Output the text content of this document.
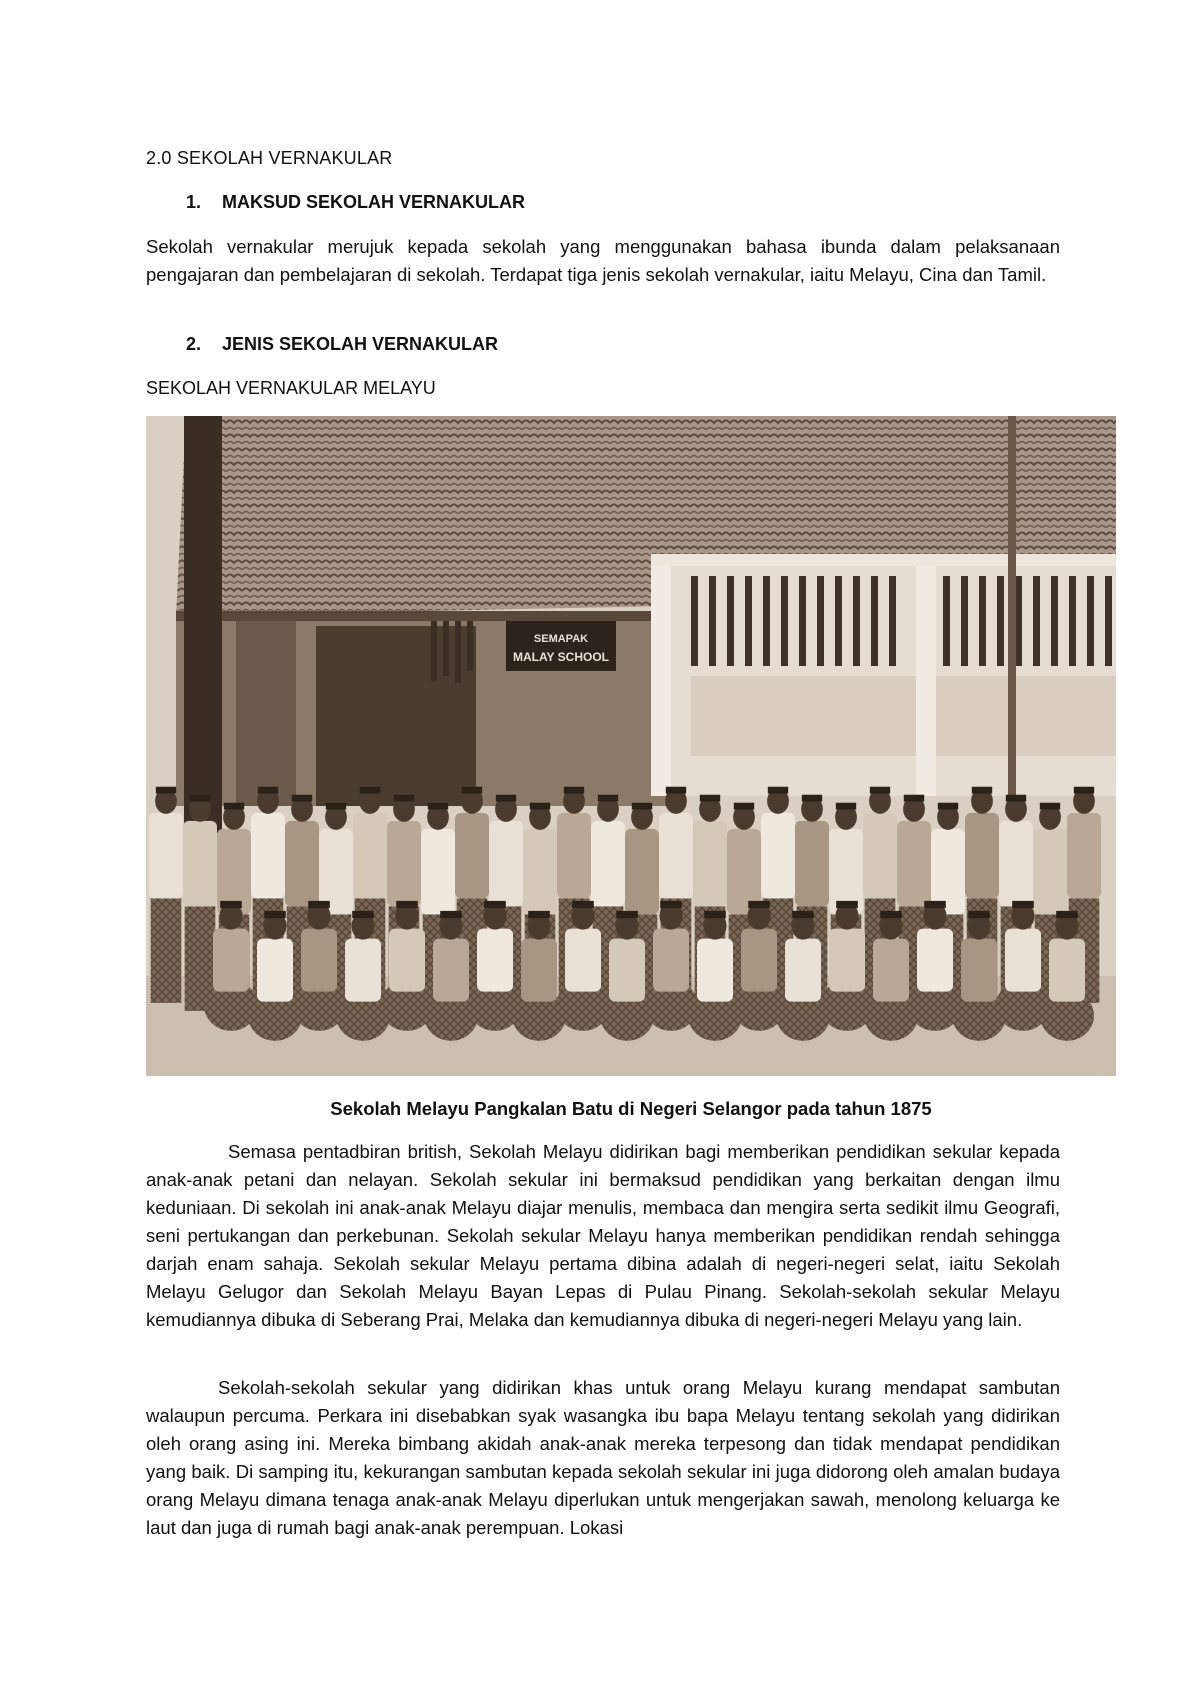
2.0 SEKOLAH VERNAKULAR
1. MAKSUD SEKOLAH VERNAKULAR

Sekolah vernakular merujuk kepada sekolah yang menggunakan bahasa ibunda dalam pelaksanaan pengajaran dan pembelajaran di sekolah. Terdapat tiga jenis sekolah vernakular, iaitu Melayu, Cina dan Tamil.

2. JENIS SEKOLAH VERNAKULAR
SEKOLAH VERNAKULAR MELAYU
SEMAPAK
MALAY SCHOOL

Sekolah Melayu Pangkalan Batu di Negeri Selangor pada tahun 1875

Semasa pentadbiran british, Sekolah Melayu didirikan bagi memberikan pendidikan sekular kepada anak-anak petani dan nelayan. Sekolah sekular ini bermaksud pendidikan yang berkaitan dengan ilmu keduniaan. Di sekolah ini anak-anak Melayu diajar menulis, membaca dan mengira serta sedikit ilmu Geografi, seni pertukangan dan perkebunan. Sekolah sekular Melayu hanya memberikan pendidikan rendah sehingga darjah enam sahaja. Sekolah sekular Melayu pertama dibina adalah di negeri-negeri selat, iaitu Sekolah Melayu Gelugor dan Sekolah Melayu Bayan Lepas di Pulau Pinang. Sekolah-sekolah sekular Melayu kemudiannya dibuka di Seberang Prai, Melaka dan kemudiannya dibuka di negeri-negeri Melayu yang lain.

Sekolah-sekolah sekular yang didirikan khas untuk orang Melayu kurang mendapat sambutan walaupun percuma. Perkara ini disebabkan syak wasangka ibu bapa Melayu tentang sekolah yang didirikan oleh orang asing ini. Mereka bimbang akidah anak-anak mereka terpesong dan tidak mendapat pendidikan yang baik. Di samping itu, kekurangan sambutan kepada sekolah sekular ini juga didorong oleh amalan budaya orang Melayu dimana tenaga anak-anak Melayu diperlukan untuk mengerjakan sawah, menolong keluarga ke laut dan juga di rumah bagi anak-anak perempuan. Lokasi
